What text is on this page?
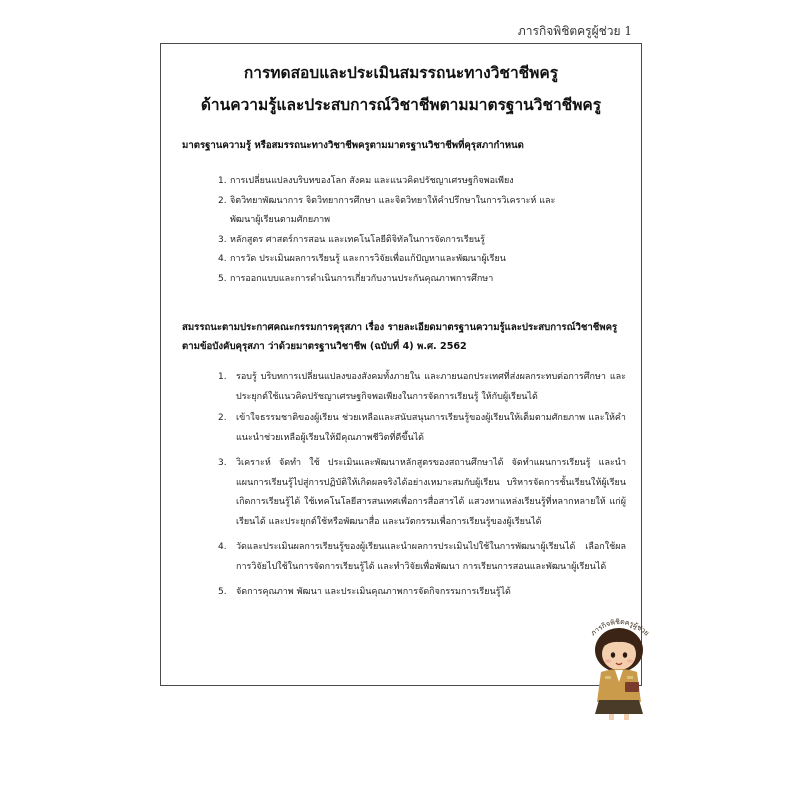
ภารกิจพิชิตครูผู้ช่วย 1
การทดสอบและประเมินสมรรถนะทางวิชาชีพครู
ด้านความรู้และประสบการณ์วิชาชีพตามมาตรฐานวิชาชีพครู
มาตรฐานความรู้ หรือสมรรถนะทางวิชาชีพครูตามมาตรฐานวิชาชีพที่คุรุสภากำหนด
1. การเปลี่ยนแปลงบริบทของโลก สังคม และแนวคิดปรัชญาเศรษฐกิจพอเพียง
2. จิตวิทยาพัฒนาการ จิตวิทยาการศึกษา และจิตวิทยาให้คำปรึกษาในการวิเคราะห์ และพัฒนาผู้เรียนตามศักยภาพ
3. หลักสูตร ศาสตร์การสอน และเทคโนโลยีดิจิทัลในการจัดการเรียนรู้
4. การวัด ประเมินผลการเรียนรู้ และการวิจัยเพื่อแก้ปัญหาและพัฒนาผู้เรียน
5. การออกแบบและการดำเนินการเกี่ยวกับงานประกันคุณภาพการศึกษา
สมรรถนะตามประกาศคณะกรรมการคุรุสภา เรื่อง รายละเอียดมาตรฐานความรู้และประสบการณ์วิชาชีพครู ตามข้อบังคับคุรุสภา ว่าด้วยมาตรฐานวิชาชีพ (ฉบับที่ 4) พ.ศ. 2562
1. รอบรู้ บริบทการเปลี่ยนแปลงของสังคมทั้งภายใน และภายนอกประเทศที่ส่งผลกระทบต่อการศึกษา และประยุกต์ใช้แนวคิดปรัชญาเศรษฐกิจพอเพียงในการจัดการเรียนรู้ ให้กับผู้เรียนได้
2. เข้าใจธรรมชาติของผู้เรียน ช่วยเหลือและสนับสนุนการเรียนรู้ของผู้เรียนให้เต็มตามศักยภาพ และให้คำแนะนำช่วยเหลือผู้เรียนให้มีคุณภาพชีวิตที่ดีขึ้นได้
3. วิเคราะห์ จัดทำ ใช้ ประเมินและพัฒนาหลักสูตรของสถานศึกษาได้ จัดทำแผนการเรียนรู้ และนำแผนการเรียนรู้ไปสู่การปฏิบัติให้เกิดผลจริงได้อย่างเหมาะสมกับผู้เรียน บริหารจัดการชั้นเรียนให้ผู้เรียนเกิดการเรียนรู้ได้ ใช้เทคโนโลยีสารสนเทศเพื่อการสื่อสารได้ แสวงหาแหล่งเรียนรู้ที่หลากหลายให้ แก่ผู้เรียนได้ และประยุกต์ใช้หรือพัฒนาสื่อ และนวัตกรรมเพื่อการเรียนรู้ของผู้เรียนได้
4. วัดและประเมินผลการเรียนรู้ของผู้เรียนและนำผลการประเมินไปใช้ในการพัฒนาผู้เรียนได้ เลือกใช้ผลการวิจัยไปใช้ในการจัดการเรียนรู้ได้ และทำวิจัยเพื่อพัฒนา การเรียนการสอนและพัฒนาผู้เรียนได้
5. จัดการคุณภาพ พัฒนา และประเมินคุณภาพการจัดกิจกรรมการเรียนรู้ได้
ภารกิจพิชิตครูผู้ช่วย
